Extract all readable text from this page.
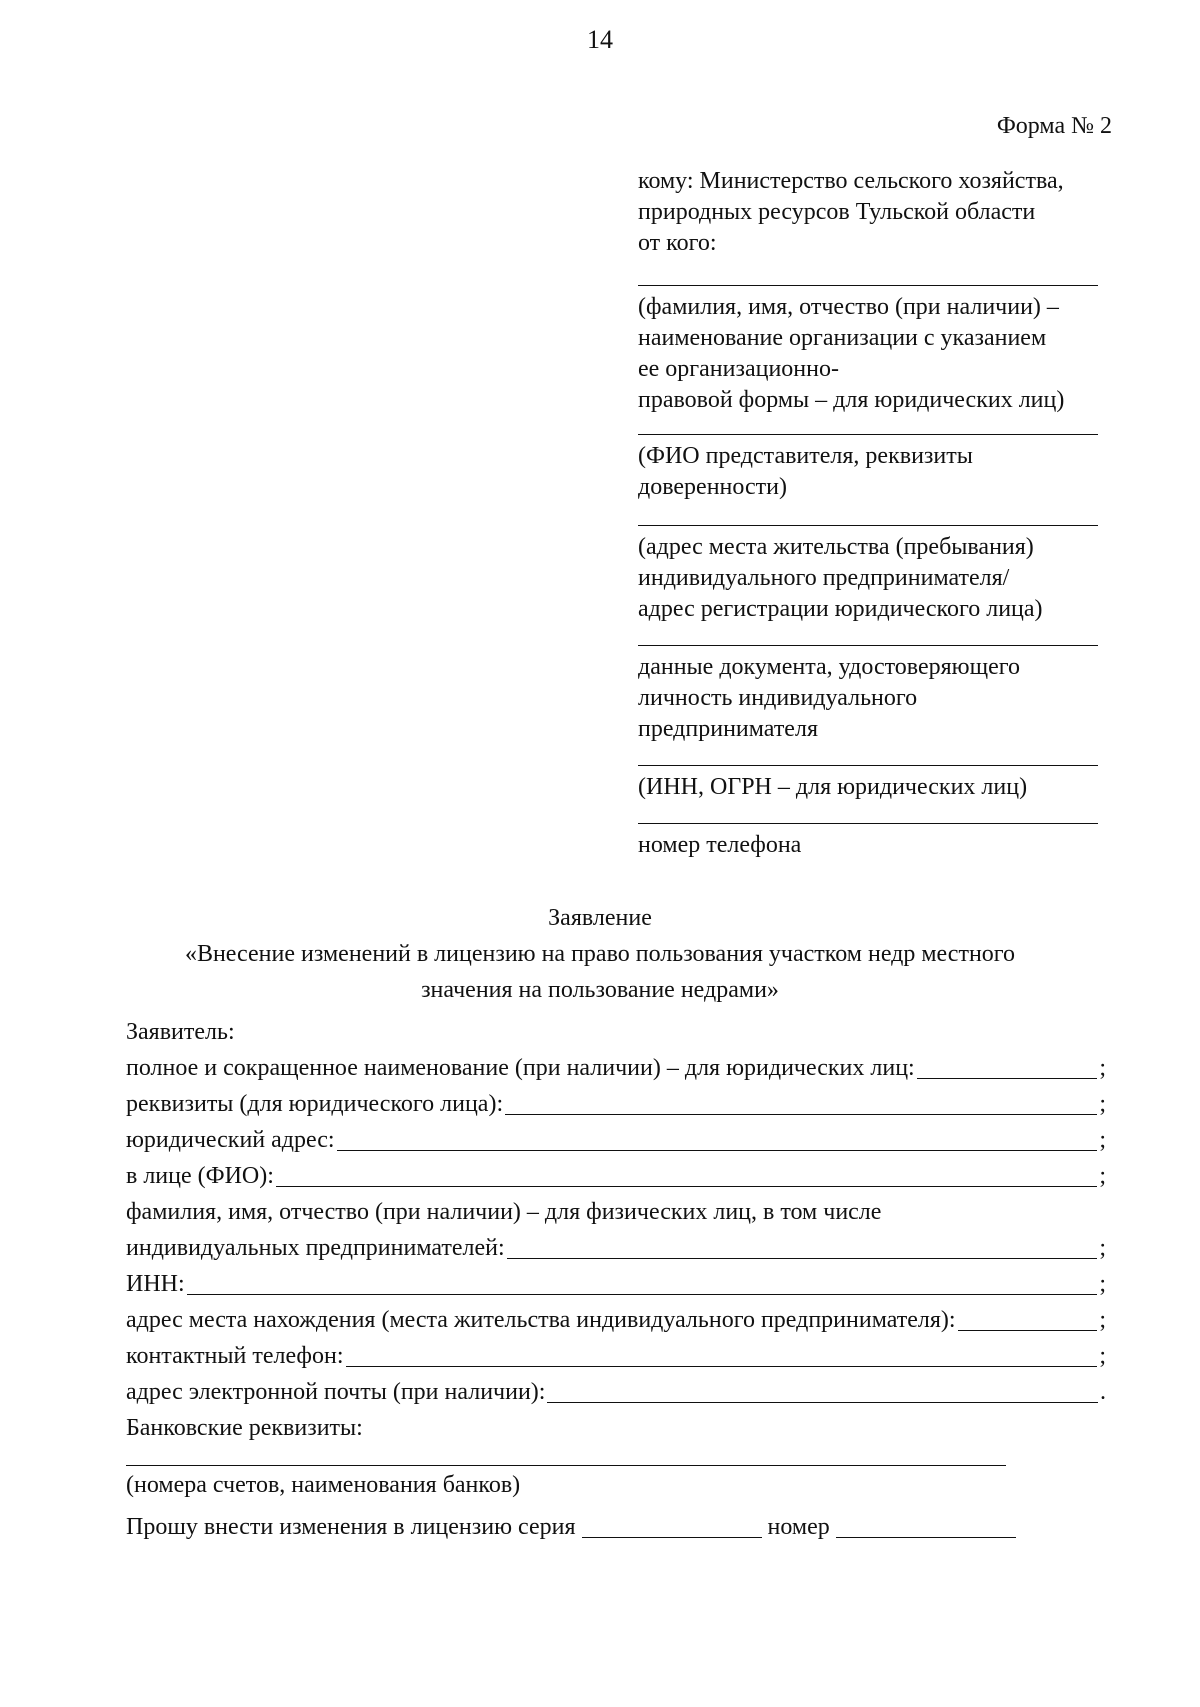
14
Форма № 2
кому: Министерство сельского хозяйства,
природных ресурсов Тульской области
от кого:
(фамилия, имя, отчество (при наличии) –
наименование организации с указанием
ее организационно-
правовой формы – для юридических лиц)
(ФИО представителя, реквизиты
доверенности)
(адрес места жительства (пребывания)
индивидуального предпринимателя/
адрес регистрации юридического лица)
данные документа, удостоверяющего
личность индивидуального
предпринимателя
(ИНН, ОГРН – для юридических лиц)
номер телефона
Заявление
«Внесение изменений в лицензию на право пользования участком недр местного
значения на пользование недрами»
Заявитель:
полное и сокращенное наименование (при наличии) – для юридических лиц:	;
реквизиты (для юридического лица):	;
юридический адрес:	;
в лице (ФИО):	;
фамилия, имя, отчество (при наличии) – для физических лиц, в том числе
индивидуальных предпринимателей:	;
ИНН:	;
адрес места нахождения (места жительства индивидуального предпринимателя):	;
контактный телефон:	;
адрес электронной почты (при наличии):	.
Банковские реквизиты:
(номера счетов, наименования банков)
Прошу внести изменения в лицензию серия	номер
